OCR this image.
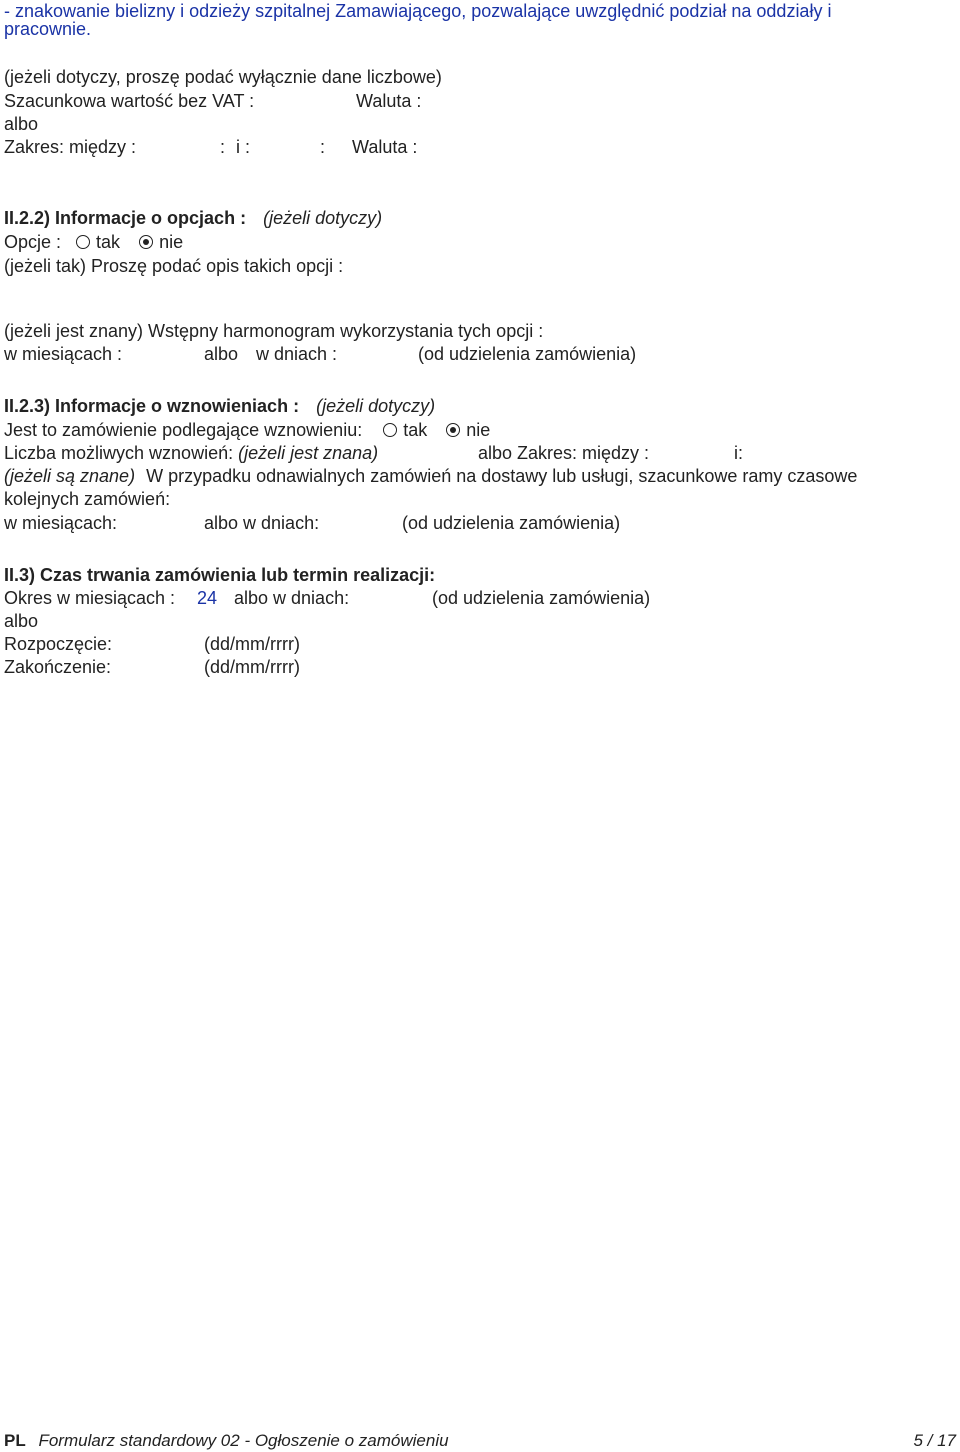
- znakowanie bielizny i odzieży szpitalnej Zamawiającego, pozwalające uwzględnić podział na oddziały i
pracownie.
(jeżeli dotyczy, proszę podać wyłącznie dane liczbowe)
Szacunkowa wartość bez VAT :	Waluta :
albo
Zakres: między :	: i :	: Waluta :
II.2.2) Informacje o opcjach : (jeżeli dotyczy)
Opcje : tak nie
(jeżeli tak) Proszę podać opis takich opcji :
(jeżeli jest znany) Wstępny harmonogram wykorzystania tych opcji :
w miesiącach :	albo w dniach :	(od udzielenia zamówienia)
II.2.3) Informacje o wznowieniach : (jeżeli dotyczy)
Jest to zamówienie podlegające wznowieniu: tak nie
Liczba możliwych wznowień: (jeżeli jest znana)	albo Zakres: między :	i:
(jeżeli są znane) W przypadku odnawialnych zamówień na dostawy lub usługi, szacunkowe ramy czasowe
kolejnych zamówień:
w miesiącach:	albo w dniach:	(od udzielenia zamówienia)
II.3) Czas trwania zamówienia lub termin realizacji:
Okres w miesiącach : 24 albo w dniach:	(od udzielenia zamówienia)
albo
Rozpoczęcie:	(dd/mm/rrrr)
Zakończenie:	(dd/mm/rrrr)
PL Formularz standardowy 02 - Ogłoszenie o zamówieniu	5 / 17
